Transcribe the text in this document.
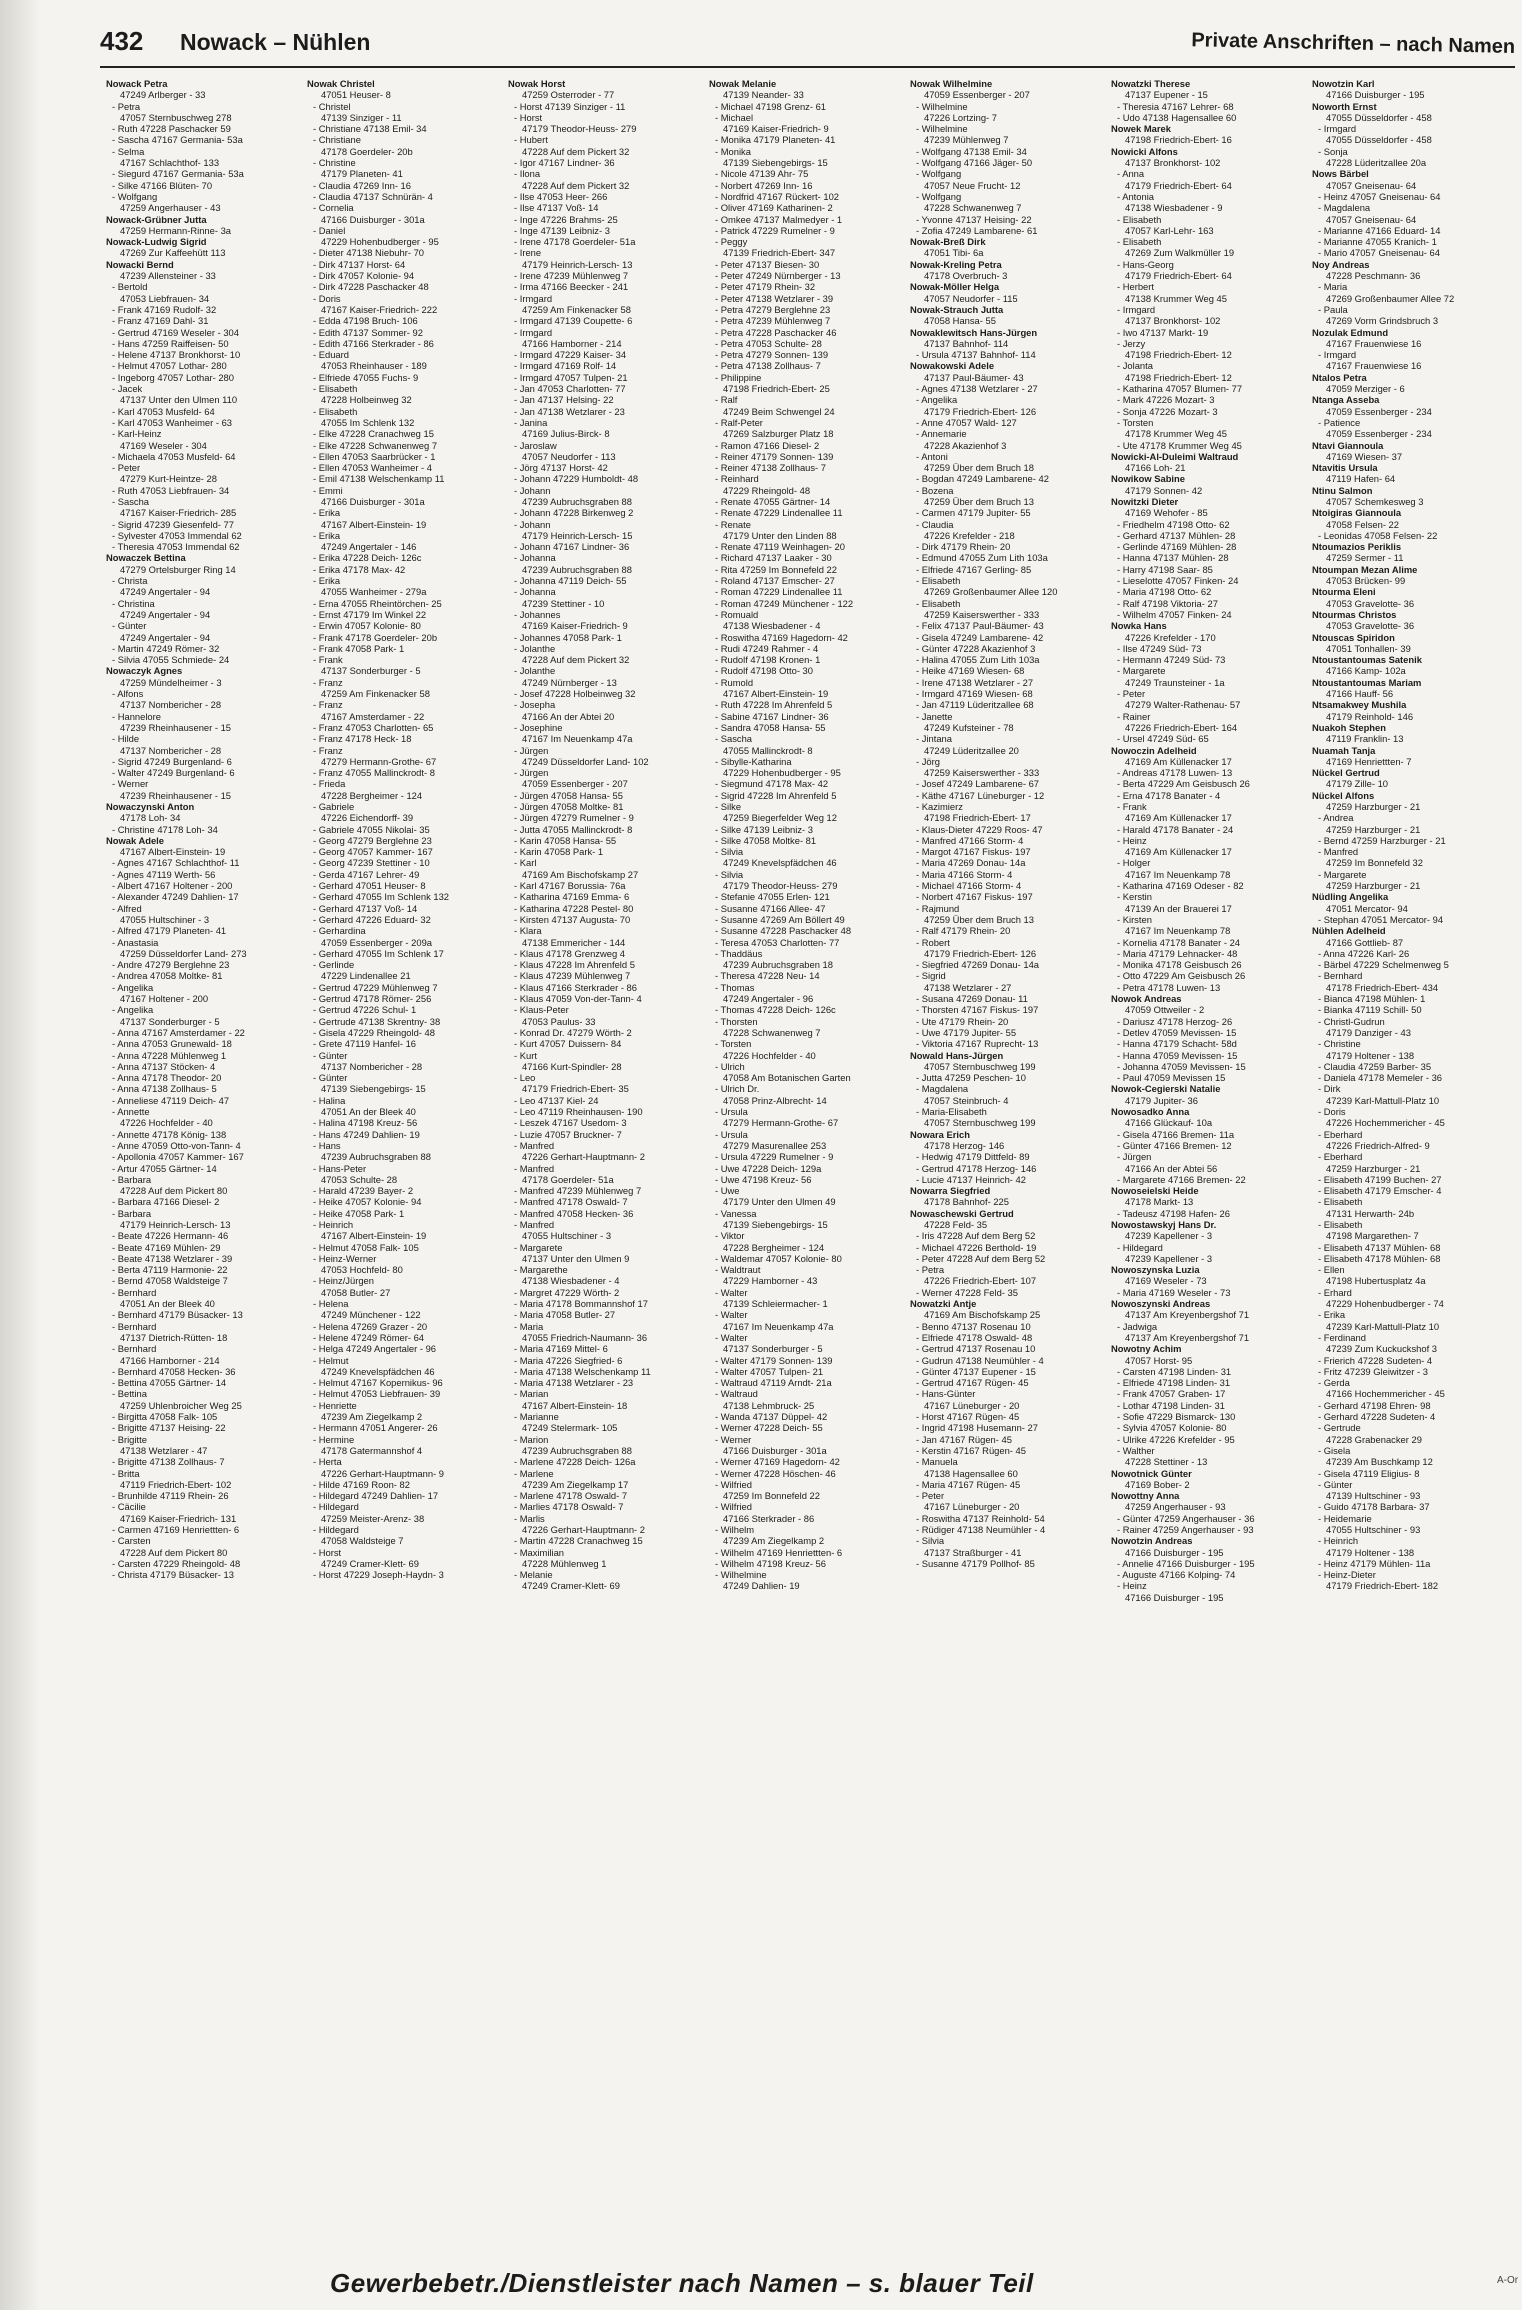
432 Nowack – Nühlen	Private Anschriften – nach Namen
Nowack Petra
47249 Arlberger - 33
- Petra
47057 Sternbuschweg 278
- Ruth 47228 Paschacker 59
- Sascha 47167 Germania- 53a
- Selma
47167 Schlachthof- 133
- Siegurd 47167 Germania- 53a
- Silke 47166 Blüten- 70
- Wolfgang
47259 Angerhauser - 43
Nowack-Grübner Jutta
47259 Hermann-Rinne- 3a
Nowack-Ludwig Sigrid
47269 Zur Kaffeehütt 113
Nowacki Bernd
47239 Allensteiner - 33
- Bertold
47053 Liebfrauen- 34
- Frank 47169 Rudolf- 32
- Franz 47169 Dahl- 31
- Gertrud 47169 Weseler - 304
- Hans 47259 Raiffeisen- 50
- Helene 47137 Bronkhorst- 10
- Helmut 47057 Lothar- 280
- Ingeborg 47057 Lothar- 280
- Jacek
47137 Unter den Ulmen 110
- Karl 47053 Musfeld- 64
- Karl 47053 Wanheimer - 63
- Karl-Heinz
47169 Weseler - 304
- Michaela 47053 Musfeld- 64
- Peter
47279 Kurt-Heintze- 28
- Ruth 47053 Liebfrauen- 34
- Sascha
47167 Kaiser-Friedrich- 285
- Sigrid 47239 Giesenfeld- 77
- Sylvester 47053 Immendal 62
- Theresia 47053 Immendal 62
Nowaczek Bettina
47279 Ortelsburger Ring 14
- Christa
47249 Angertaler - 94
- Christina
47249 Angertaler - 94
- Günter
47249 Angertaler - 94
- Martin 47249 Römer- 32
- Silvia 47055 Schmiede- 24
Nowaczyk Agnes
47259 Mündelheimer - 3
- Alfons
47137 Nombericher - 28
- Hannelore
47239 Rheinhausener - 15
- Hilde
47137 Nombericher - 28
- Sigrid 47249 Burgenland- 6
- Walter 47249 Burgenland- 6
- Werner
47239 Rheinhausener - 15
Nowaczynski Anton
47178 Loh- 34
- Christine 47178 Loh- 34
Nowak Adele
47167 Albert-Einstein- 19
- Agnes 47167 Schlachthof- 11
- Agnes 47119 Werth- 56
- Albert 47167 Holtener - 200
- Alexander 47249 Dahlien- 17
- Alfred
47055 Hultschiner - 3
- Alfred 47179 Planeten- 41
- Anastasia
47259 Düsseldorfer Land- 273
- Andre 47279 Berglehne 23
- Andrea 47058 Moltke- 81
- Angelika
47167 Holtener - 200
- Angelika
47137 Sonderburger - 5
- Anna 47167 Amsterdamer - 22
- Anna 47053 Grunewald- 18
- Anna 47228 Mühlenweg 1
- Anna 47137 Stöcken- 4
- Anna 47178 Theodor- 20
- Anna 47138 Zollhaus- 5
- Anneliese 47119 Deich- 47
- Annette
47226 Hochfelder - 40
- Annette 47178 König- 138
- Anne 47059 Otto-von-Tann- 4
- Apollonia 47057 Kammer- 167
- Artur 47055 Gärtner- 14
- Barbara
47228 Auf dem Pickert 80
- Barbara 47166 Diesel- 2
- Barbara
47179 Heinrich-Lersch- 13
- Beate 47226 Hermann- 46
- Beate 47169 Mühlen- 29
- Beate 47138 Wetzlarer - 39
- Berta 47119 Harmonie- 22
- Bernd 47058 Waldsteige 7
- Bernhard
47051 An der Bleek 40
- Bernhard 47179 Büsacker- 13
- Bernhard
47137 Dietrich-Rütten- 18
- Bernhard
47166 Hamborner - 214
- Bernhard 47058 Hecken- 36
- Bettina 47055 Gärtner- 14
- Bettina
47259 Uhlenbroicher Weg 25
- Birgitta 47058 Falk- 105
- Brigitte 47137 Heising- 22
- Brigitte
47138 Wetzlarer - 47
- Brigitte 47138 Zollhaus- 7
- Britta
47119 Friedrich-Ebert- 102
- Brunhilde 47119 Rhein- 26
- Cäcilie
47169 Kaiser-Friedrich- 131
- Carmen 47169 Henriettten- 6
- Carsten
47228 Auf dem Pickert 80
- Carsten 47229 Rheingold- 48
- Christa 47179 Büsacker- 13
Nowak Christel
47051 Heuser- 8
- Christel
47139 Sinziger - 11
- Christiane 47138 Emil- 34
- Christiane
47178 Goerdeler- 20b
- Christine
47179 Planeten- 41
- Claudia 47269 Inn- 16
- Claudia 47137 Schnürän- 4
- Cornelia
47166 Duisburger - 301a
- Daniel
47229 Hohenbudberger - 95
- Dieter 47138 Niebuhr- 70
- Dirk 47137 Horst- 64
- Dirk 47057 Kolonie- 94
- Dirk 47228 Paschacker 48
- Doris
47167 Kaiser-Friedrich- 222
- Edda 47198 Bruch- 106
- Edith 47137 Sommer- 92
- Edith 47166 Sterkrader - 86
- Eduard
47053 Rheinhauser - 189
- Elfriede 47055 Fuchs- 9
- Elisabeth
47228 Holbeinweg 32
- Elisabeth
47055 Im Schlenk 132
- Elke 47228 Cranachweg 15
- Elke 47228 Schwanenweg 7
- Ellen 47053 Saarbrücker - 1
- Ellen 47053 Wanheimer - 4
- Emil 47138 Welschenkamp 11
- Emmi
47166 Duisburger - 301a
- Erika
47167 Albert-Einstein- 19
- Erika
47249 Angertaler - 146
- Erika 47228 Deich- 126c
- Erika 47178 Max- 42
- Erika
47055 Wanheimer - 279a
- Erna 47055 Rheintörchen- 25
- Ernst 47179 Im Winkel 22
- Erwin 47057 Kolonie- 80
- Frank 47178 Goerdeler- 20b
- Frank 47058 Park- 1
- Frank
47137 Sonderburger - 5
- Franz
47259 Am Finkenacker 58
- Franz
47167 Amsterdamer - 22
- Franz 47053 Charlotten- 65
- Franz 47178 Heck- 18
- Franz
47279 Hermann-Grothe- 67
- Franz 47055 Mallinckrodt- 8
- Frieda
47228 Bergheimer - 124
- Gabriele
47226 Eichendorff- 39
- Gabriele 47055 Nikolai- 35
- Georg 47279 Berglehne 23
- Georg 47057 Kammer- 167
- Georg 47239 Stettiner - 10
- Gerda 47167 Lehrer- 49
- Gerhard 47051 Heuser- 8
- Gerhard 47055 Im Schlenk 132
- Gerhard 47137 Voß- 14
- Gerhard 47226 Eduard- 32
- Gerhardina
47059 Essenberger - 209a
- Gerhard 47055 Im Schlenk 17
- Gerlinde
47229 Lindenallee 21
- Gertrud 47229 Mühlenweg 7
- Gertrud 47178 Römer- 256
- Gertrud 47226 Schul- 1
- Gertrude 47138 Skrentny- 38
- Gisela 47229 Rheingold- 48
- Grete 47119 Hanfel- 16
- Günter
47137 Nombericher - 28
- Günter
47139 Siebengebirgs- 15
- Halina
47051 An der Bleek 40
- Halina 47198 Kreuz- 56
- Hans 47249 Dahlien- 19
- Hans
47239 Aubruchsgraben 88
- Hans-Peter
47053 Schulte- 28
- Harald 47239 Bayer- 2
- Heike 47057 Kolonie- 94
- Heike 47058 Park- 1
- Heinrich
47167 Albert-Einstein- 19
- Helmut 47058 Falk- 105
- Heinz-Werner
47053 Hochfeld- 80
- Heinz/Jürgen
47058 Butler- 27
- Helena
47249 Münchener - 122
- Helena 47269 Grazer - 20
- Helene 47249 Römer- 64
- Helga 47249 Angertaler - 96
- Helmut
47249 Knevelspfädchen 46
- Helmut 47167 Kopernikus- 96
- Helmut 47053 Liebfrauen- 39
- Henriette
47239 Am Ziegelkamp 2
- Hermann 47051 Angerer- 26
- Hermine
47178 Gatermannshof 4
- Herta
47226 Gerhart-Hauptmann- 9
- Hilde 47169 Roon- 82
- Hildegard 47249 Dahlien- 17
- Hildegard
47259 Meister-Arenz- 38
- Hildegard
47058 Waldsteige 7
- Horst
47249 Cramer-Klett- 69
- Horst 47229 Joseph-Haydn- 3
Nowak Horst
47259 Osterroder - 77
- Horst 47139 Sinziger - 11
- Horst
47179 Theodor-Heuss- 279
- Hubert
47228 Auf dem Pickert 32
- Igor 47167 Lindner- 36
- Ilona
47228 Auf dem Pickert 32
- Ilse 47053 Heer- 266
- Ilse 47137 Voß- 14
- Inge 47226 Brahms- 25
- Inge 47139 Leibniz- 3
- Irene 47178 Goerdeler- 51a
- Irene
47179 Heinrich-Lersch- 13
- Irene 47239 Mühlenweg 7
- Irma 47166 Beecker - 241
- Irmgard
47259 Am Finkenacker 58
- Irmgard 47139 Coupette- 6
- Irmgard
47166 Hamborner - 214
- Irmgard 47229 Kaiser- 34
- Irmgard 47169 Rolf- 14
- Irmgard 47057 Tulpen- 21
- Jan 47053 Charlotten- 77
- Jan 47137 Helsing- 22
- Jan 47138 Wetzlarer - 23
- Janina
47169 Julius-Birck- 8
- Jaroslaw
47057 Neudorfer - 113
- Jörg 47137 Horst- 42
- Johann 47229 Humboldt- 48
- Johann
47239 Aubruchsgraben 88
- Johann 47228 Birkenweg 2
- Johann
47179 Heinrich-Lersch- 15
- Johann 47167 Lindner- 36
- Johanna
47239 Aubruchsgraben 88
- Johanna 47119 Deich- 55
- Johanna
47239 Stettiner - 10
- Johannes
47169 Kaiser-Friedrich- 9
- Johannes 47058 Park- 1
- Jolanthe
47228 Auf dem Pickert 32
- Jolanthe
47249 Nürnberger - 13
- Josef 47228 Holbeinweg 32
- Josepha
47166 An der Abtei 20
- Josephine
47167 Im Neuenkamp 47a
- Jürgen
47249 Düsseldorfer Land- 102
- Jürgen
47059 Essenberger - 207
- Jürgen 47058 Hansa- 55
- Jürgen 47058 Moltke- 81
- Jürgen 47279 Rumelner - 9
- Jutta 47055 Mallinckrodt- 8
- Karin 47058 Hansa- 55
- Karin 47058 Park- 1
- Karl
47169 Am Bischofskamp 27
- Karl 47167 Borussia- 76a
- Katharina 47169 Emma- 6
- Katharina 47228 Pestel- 80
- Kirsten 47137 Augusta- 70
- Klara
47138 Emmericher - 144
- Klaus 47178 Grenzweg 4
- Klaus 47228 Im Ahrenfeld 5
- Klaus 47239 Mühlenweg 7
- Klaus 47166 Sterkrader - 86
- Klaus 47059 Von-der-Tann- 4
- Klaus-Peter
47053 Paulus- 33
- Konrad Dr. 47279 Wörth- 2
- Kurt 47057 Duissern- 84
- Kurt
47166 Kurt-Spindler- 28
- Leo
47179 Friedrich-Ebert- 35
- Leo 47137 Kiel- 24
- Leo 47119 Rheinhausen- 190
- Leszek 47167 Usedom- 3
- Luzie 47057 Bruckner- 7
- Manfred
47226 Gerhart-Hauptmann- 2
- Manfred
47178 Goerdeler- 51a
- Manfred 47239 Mühlenweg 7
- Manfred 47178 Oswald- 7
- Manfred 47058 Hecken- 36
- Manfred
47055 Hultschiner - 3
- Margarete
47137 Unter den Ulmen 9
- Margarethe
47138 Wiesbadener - 4
- Margret 47229 Wörth- 2
- Maria 47178 Bommannshof 17
- Maria 47058 Butler- 27
- Maria
47055 Friedrich-Naumann- 36
- Maria 47169 Mittel- 6
- Maria 47226 Siegfried- 6
- Maria 47138 Welschenkamp 11
- Maria 47138 Wetzlarer - 23
- Marian
47167 Albert-Einstein- 18
- Marianne
47249 Stelermark- 105
- Marion
47239 Aubruchsgraben 88
- Marlene 47228 Deich- 126a
- Marlene
47239 Am Ziegelkamp 17
- Marlene 47178 Oswald- 7
- Marlies 47178 Oswald- 7
- Marlis
47226 Gerhart-Hauptmann- 2
- Martin 47228 Cranachweg 15
- Maximilian
47228 Mühlenweg 1
- Melanie
47249 Cramer-Klett- 69
Nowak Melanie
47139 Neander- 33
- Michael 47198 Grenz- 61
- Michael
47169 Kaiser-Friedrich- 9
- Monika 47179 Planeten- 41
- Monika
47139 Siebengebirgs- 15
- Nicole 47139 Ahr- 75
- Norbert 47269 Inn- 16
- Nordfrid 47167 Rückert- 102
- Oliver 47169 Katharinen- 2
- Omkee 47137 Malmedyer - 1
- Patrick 47229 Rumelner - 9
- Peggy
47139 Friedrich-Ebert- 347
- Peter 47137 Biesen- 30
- Peter 47249 Nürnberger - 13
- Peter 47179 Rhein- 32
- Peter 47138 Wetzlarer - 39
- Petra 47279 Berglehne 23
- Petra 47239 Mühlenweg 7
- Petra 47228 Paschacker 46
- Petra 47053 Schulte- 28
- Petra 47279 Sonnen- 139
- Petra 47138 Zollhaus- 7
- Philippine
47198 Friedrich-Ebert- 25
- Ralf
47249 Beim Schwengel 24
- Ralf-Peter
47269 Salzburger Platz 18
- Ramon 47166 Diesel- 2
- Reiner 47179 Sonnen- 139
- Reiner 47138 Zollhaus- 7
- Reinhard
47229 Rheingold- 48
- Renate 47055 Gärtner- 14
- Renate 47229 Lindenallee 11
- Renate
47179 Unter den Linden 88
- Renate 47119 Weinhagen- 20
- Richard 47137 Laaker - 30
- Rita 47259 Im Bonnefeld 22
- Roland 47137 Emscher- 27
- Roman 47229 Lindenallee 11
- Roman 47249 Münchener - 122
- Romuald
47138 Wiesbadener - 4
- Roswitha 47169 Hagedorn- 42
- Rudi 47249 Rahmer - 4
- Rudolf 47198 Kronen- 1
- Rudolf 47198 Otto- 30
- Rumold
47167 Albert-Einstein- 19
- Ruth 47228 Im Ahrenfeld 5
- Sabine 47167 Lindner- 36
- Sandra 47058 Hansa- 55
- Sascha
47055 Mallinckrodt- 8
- Sibylle-Katharina
47229 Hohenbudberger - 95
- Siegmund 47178 Max- 42
- Sigrid 47228 Im Ahrenfeld 5
- Silke
47259 Biegerfelder Weg 12
- Silke 47139 Leibniz- 3
- Silke 47058 Moltke- 81
- Silvia
47249 Knevelspfädchen 46
- Silvia
47179 Theodor-Heuss- 279
- Stefanie 47055 Erlen- 121
- Susanne 47166 Allee- 47
- Susanne 47269 Am Böllert 49
- Susanne 47228 Paschacker 48
- Teresa 47053 Charlotten- 77
- Thaddäus
47239 Aubruchsgraben 18
- Theresa 47228 Neu- 14
- Thomas
47249 Angertaler - 96
- Thomas 47228 Deich- 126c
- Thorsten
47228 Schwanenweg 7
- Torsten
47226 Hochfelder - 40
- Ulrich
47058 Am Botanischen Garten
- Ulrich Dr.
47058 Prinz-Albrecht- 14
- Ursula
47279 Hermann-Grothe- 67
- Ursula
47279 Masurenallee 253
- Ursula 47229 Rumelner - 9
- Uwe 47228 Deich- 129a
- Uwe 47198 Kreuz- 56
- Uwe
47179 Unter den Ulmen 49
- Vanessa
47139 Siebengebirgs- 15
- Viktor
47228 Bergheimer - 124
- Waldemar 47057 Kolonie- 80
- Waldtraut
47229 Hamborner - 43
- Walter
47139 Schleiermacher- 1
- Walter
47167 Im Neuenkamp 47a
- Walter
47137 Sonderburger - 5
- Walter 47179 Sonnen- 139
- Walter 47057 Tulpen- 21
- Waltraud 47119 Arndt- 21a
- Waltraud
47138 Lehmbruck- 25
- Wanda 47137 Düppel- 42
- Werner 47228 Deich- 55
- Werner
47166 Duisburger - 301a
- Werner 47169 Hagedorn- 42
- Werner 47228 Höschen- 46
- Wilfried
47259 Im Bonnefeld 22
- Wilfried
47166 Sterkrader - 86
- Wilhelm
47239 Am Ziegelkamp 2
- Wilhelm 47169 Henriettten- 6
- Wilhelm 47198 Kreuz- 56
- Wilhelmine
47249 Dahlien- 19
Nowak Wilhelmine
47059 Essenberger - 207
- Wilhelmine
47226 Lortzing- 7
- Wilhelmine
47239 Mühlenweg 7
- Wolfgang 47138 Emil- 34
- Wolfgang 47166 Jäger- 50
- Wolfgang
47057 Neue Frucht- 12
- Wolfgang
47228 Schwanenweg 7
- Yvonne 47137 Heising- 22
- Zofia 47249 Lambarene- 61
Nowak-Breß Dirk
47051 Tibi- 6a
Nowak-Kreling Petra
47178 Overbruch- 3
Nowak-Möller Helga
47057 Neudorfer - 115
Nowak-Strauch Jutta
47058 Hansa- 55
Nowaklewitsch Hans-Jürgen
47137 Bahnhof- 114
- Ursula 47137 Bahnhof- 114
Nowakowski Adele
47137 Paul-Bäumer- 43
- Agnes 47138 Wetzlarer - 27
- Angelika
47179 Friedrich-Ebert- 126
- Anne 47057 Wald- 127
- Annemarie
47228 Akazienhof 3
- Antoni
47259 Über dem Bruch 18
- Bogdan 47249 Lambarene- 42
- Bozena
47259 Über dem Bruch 13
- Carmen 47179 Jupiter- 55
- Claudia
47226 Krefelder - 218
- Dirk 47179 Rhein- 20
- Edmund 47055 Zum Lith 103a
- Elfriede 47167 Gerling- 85
- Elisabeth
47269 Großenbaumer Allee 120
- Elisabeth
47259 Kaiserswerther - 333
- Felix 47137 Paul-Bäumer- 43
- Gisela 47249 Lambarene- 42
- Günter 47228 Akazienhof 3
- Halina 47055 Zum Lith 103a
- Heike 47169 Wiesen- 68
- Irene 47138 Wetzlarer - 27
- Irmgard 47169 Wiesen- 68
- Jan 47119 Lüderitzallee 68
- Janette
47249 Kufsteiner - 78
- Jintana
47249 Lüderitzallee 20
- Jörg
47259 Kaiserswerther - 333
- Josef 47249 Lambarene- 67
- Käthe 47167 Lüneburger - 12
- Kazimierz
47198 Friedrich-Ebert- 17
- Klaus-Dieter 47229 Roos- 47
- Manfred 47166 Storm- 4
- Margot 47167 Fiskus- 197
- Maria 47269 Donau- 14a
- Maria 47166 Storm- 4
- Michael 47166 Storm- 4
- Norbert 47167 Fiskus- 197
- Rajmund
47259 Über dem Bruch 13
- Ralf 47179 Rhein- 20
- Robert
47179 Friedrich-Ebert- 126
- Siegfried 47269 Donau- 14a
- Sigrid
47138 Wetzlarer - 27
- Susana 47269 Donau- 11
- Thorsten 47167 Fiskus- 197
- Ute 47179 Rhein- 20
- Uwe 47179 Jupiter- 55
- Viktoria 47167 Ruprecht- 13
Nowald Hans-Jürgen
47057 Sternbuschweg 199
- Jutta 47259 Peschen- 10
- Magdalena
47057 Steinbruch- 4
- Maria-Elisabeth
47057 Sternbuschweg 199
Nowara Erich
47178 Herzog- 146
- Hedwig 47179 Dittfeld- 89
- Gertrud 47178 Herzog- 146
- Lucie 47137 Heinrich- 42
Nowarra Siegfried
47178 Bahnhof- 225
Nowaschewski Gertrud
47228 Feld- 35
- Iris 47228 Auf dem Berg 52
- Michael 47226 Berthold- 19
- Peter 47228 Auf dem Berg 52
- Petra
47226 Friedrich-Ebert- 107
- Werner 47228 Feld- 35
Nowatzki Antje
47169 Am Bischofskamp 25
- Benno 47137 Rosenau 10
- Elfriede 47178 Oswald- 48
- Gertrud 47137 Rosenau 10
- Gudrun 47138 Neumühler - 4
- Günter 47137 Eupener - 15
- Gertrud 47167 Rügen- 45
- Hans-Günter
47167 Lüneburger - 20
- Horst 47167 Rügen- 45
- Ingrid 47198 Husemann- 27
- Jan 47167 Rügen- 45
- Kerstin 47167 Rügen- 45
- Manuela
47138 Hagensallee 60
- Maria 47167 Rügen- 45
- Peter
47167 Lüneburger - 20
- Roswitha 47137 Reinhold- 54
- Rüdiger 47138 Neumühler - 4
- Silvia
47137 Straßburger - 41
- Susanne 47179 Pollhof- 85
Nowatzki Therese
47137 Eupener - 15
- Theresia 47167 Lehrer- 68
- Udo 47138 Hagensallee 60
Nowek Marek
47198 Friedrich-Ebert- 16
Nowicki Alfons
47137 Bronkhorst- 102
- Anna
47179 Friedrich-Ebert- 64
- Antonia
47138 Wiesbadener - 9
- Elisabeth
47057 Karl-Lehr- 163
- Elisabeth
47269 Zum Walkmüller 19
- Hans-Georg
47179 Friedrich-Ebert- 64
- Herbert
47138 Krummer Weg 45
- Irmgard
47137 Bronkhorst- 102
- Iwo 47137 Markt- 19
- Jerzy
47198 Friedrich-Ebert- 12
- Jolanta
47198 Friedrich-Ebert- 12
- Katharina 47057 Blumen- 77
- Mark 47226 Mozart- 3
- Sonja 47226 Mozart- 3
- Torsten
47178 Krummer Weg 45
- Ute 47178 Krummer Weg 45
Nowicki-Al-Duleimi Waltraud
47166 Loh- 21
Nowikow Sabine
47179 Sonnen- 42
Nowitzki Dieter
47169 Wehofer - 85
- Friedhelm 47198 Otto- 62
- Gerhard 47137 Mühlen- 28
- Gerlinde 47169 Mühlen- 28
- Hanna 47137 Mühlen- 28
- Harry 47198 Saar- 85
- Lieselotte 47057 Finken- 24
- Maria 47198 Otto- 62
- Ralf 47198 Viktoria- 27
- Wilhelm 47057 Finken- 24
Nowka Hans
47226 Krefelder - 170
- Ilse 47249 Süd- 73
- Hermann 47249 Süd- 73
- Margarete
47249 Traunsteiner - 1a
- Peter
47279 Walter-Rathenau- 57
- Rainer
47226 Friedrich-Ebert- 164
- Ursel 47249 Süd- 65
Nowoczin Adelheid
47169 Am Küllenacker 17
- Andreas 47178 Luwen- 13
- Berta 47229 Am Geisbusch 26
- Erna 47178 Banater - 4
- Frank
47169 Am Küllenacker 17
- Harald 47178 Banater - 24
- Heinz
47169 Am Küllenacker 17
- Holger
47167 Im Neuenkamp 78
- Katharina 47169 Odeser - 82
- Kerstin
47139 An der Brauerei 17
- Kirsten
47167 Im Neuenkamp 78
- Kornelia 47178 Banater - 24
- Maria 47179 Lehnacker- 48
- Monika 47178 Geisbusch 26
- Otto 47229 Am Geisbusch 26
- Petra 47178 Luwen- 13
Nowok Andreas
47059 Ottweiler - 2
- Dariusz 47178 Herzog- 26
- Detlev 47059 Mevissen- 15
- Hanna 47179 Schacht- 58d
- Hanna 47059 Mevissen- 15
- Johanna 47059 Mevissen- 15
- Paul 47059 Mevissen 15
Nowok-Cegierski Natalie
47179 Jupiter- 36
Nowosadko Anna
47166 Glückauf- 10a
- Gisela 47166 Bremen- 11a
- Günter 47166 Bremen- 12
- Jürgen
47166 An der Abtei 56
- Margarete 47166 Bremen- 22
Nowoseielski Heide
47178 Markt- 13
- Tadeusz 47198 Hafen- 26
Nowostawskyj Hans Dr.
47239 Kapellener - 3
- Hildegard
47239 Kapellener - 3
Nowoszynska Luzia
47169 Weseler - 73
- Maria 47169 Weseler - 73
Nowoszynski Andreas
47137 Am Kreyenbergshof 71
- Jadwiga
47137 Am Kreyenbergshof 71
Nowotny Achim
47057 Horst- 95
- Carsten 47198 Linden- 31
- Elfriede 47198 Linden- 31
- Frank 47057 Graben- 17
- Lothar 47198 Linden- 31
- Sofie 47229 Bismarck- 130
- Sylvia 47057 Kolonie- 80
- Ulrike 47226 Krefelder - 95
- Walther
47228 Stettiner - 13
Nowotnick Günter
47169 Bober- 2
Nowottny Anna
47259 Angerhauser - 93
- Günter 47259 Angerhauser - 36
- Rainer 47259 Angerhauser - 93
Nowotzin Andreas
47166 Duisburger - 195
- Annelie 47166 Duisburger - 195
- Auguste 47166 Kolping- 74
- Heinz
47166 Duisburger - 195
Nowotzin Karl
47166 Duisburger - 195
Noworth Ernst
47055 Düsseldorfer - 458
- Irmgard
47055 Düsseldorfer - 458
- Sonja
47228 Lüderitzallee 20a
Nows Bärbel
47057 Gneisenau- 64
- Heinz 47057 Gneisenau- 64
- Magdalena
47057 Gneisenau- 64
- Marianne 47166 Eduard- 14
- Marianne 47055 Kranich- 1
- Mario 47057 Gneisenau- 64
Noy Andreas
47228 Peschmann- 36
- Maria
47269 Großenbaumer Allee 72
- Paula
47269 Vorm Grindsbruch 3
Nozulak Edmund
47167 Frauenwiese 16
- Irmgard
47167 Frauenwiese 16
Ntalos Petra
47059 Merziger - 6
Ntanga Asseba
47059 Essenberger - 234
- Patience
47059 Essenberger - 234
Ntavi Giannoula
47169 Wiesen- 37
Ntavitis Ursula
47119 Hafen- 64
Ntinu Salmon
47057 Schemkesweg 3
Ntoigiras Giannoula
47058 Felsen- 22
- Leonidas 47058 Felsen- 22
Ntoumazios Periklis
47259 Sermer - 11
Ntoumpan Mezan Alime
47053 Brücken- 99
Ntourma Eleni
47053 Gravelotte- 36
Ntourmas Christos
47053 Gravelotte- 36
Ntouscas Spiridon
47051 Tonhallen- 39
Ntoustantoumas Satenik
47166 Kamp- 102a
Ntoustantoumas Mariam
47166 Hauff- 56
Ntsamakwey Mushila
47179 Reinhold- 146
Nuakoh Stephen
47119 Franklin- 13
Nuamah Tanja
47169 Henriettten- 7
Nückel Gertrud
47179 Zille- 10
Nückel Alfons
47259 Harzburger - 21
- Andrea
47259 Harzburger - 21
- Bernd 47259 Harzburger - 21
- Manfred
47259 Im Bonnefeld 32
- Margarete
47259 Harzburger - 21
Nüdling Angelika
47051 Mercator- 94
- Stephan 47051 Mercator- 94
Nühlen Adelheid
47166 Gottlieb- 87
- Anna 47226 Karl- 26
- Bärbel 47229 Schelmenweg 5
- Bernhard
47178 Friedrich-Ebert- 434
- Bianca 47198 Mühlen- 1
- Bianka 47119 Schill- 50
- Christl-Gudrun
47179 Danziger - 43
- Christine
47179 Holtener - 138
- Claudia 47259 Barber- 35
- Daniela 47178 Memeler - 36
- Dirk
47239 Karl-Mattull-Platz 10
- Doris
47226 Hochemmericher - 45
- Eberhard
47226 Friedrich-Alfred- 9
- Eberhard
47259 Harzburger - 21
- Elisabeth 47199 Buchen- 27
- Elisabeth 47179 Emscher- 4
- Elisabeth
47131 Herwarth- 24b
- Elisabeth
47198 Margarethen- 7
- Elisabeth 47137 Mühlen- 68
- Elisabeth 47178 Mühlen- 68
- Ellen
47198 Hubertusplatz 4a
- Erhard
47229 Hohenbudberger - 74
- Erika
47239 Karl-Mattull-Platz 10
- Ferdinand
47239 Zum Kuckuckshof 3
- Frierich 47228 Sudeten- 4
- Fritz 47239 Gleiwitzer - 3
- Gerda
47166 Hochemmericher - 45
- Gerhard 47198 Ehren- 98
- Gerhard 47228 Sudeten- 4
- Gertrude
47228 Grabenacker 29
- Gisela
47239 Am Buschkamp 12
- Gisela 47119 Eligius- 8
- Günter
47139 Hultschiner - 93
- Guido 47178 Barbara- 37
- Heidemarie
47055 Hultschiner - 93
- Heinrich
47179 Holtener - 138
- Heinz 47179 Mühlen- 11a
- Heinz-Dieter
47179 Friedrich-Ebert- 182
Gewerbebetr./Dienstleister nach Namen – s. blauer Teil	A-Or
